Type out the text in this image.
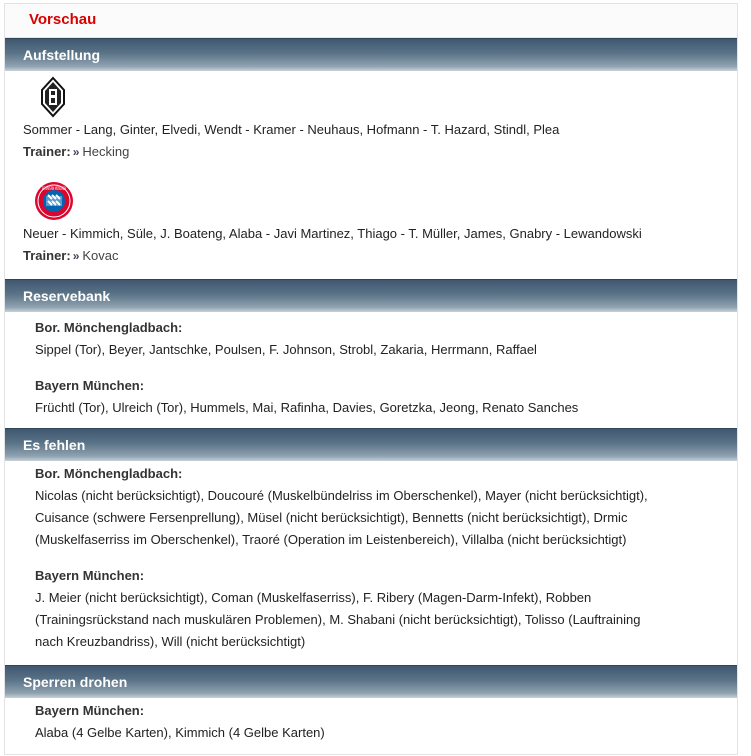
Vorschau
Aufstellung
Sommer - Lang, Ginter, Elvedi, Wendt - Kramer - Neuhaus, Hofmann - T. Hazard, Stindl, Plea
Trainer: » Hecking
FC BAYERN MÜNCHEN
Neuer - Kimmich, Süle, J. Boateng, Alaba - Javi Martinez, Thiago - T. Müller, James, Gnabry - Lewandowski
Trainer: » Kovac
Reservebank
Bor. Mönchengladbach:
Sippel (Tor), Beyer, Jantschke, Poulsen, F. Johnson, Strobl, Zakaria, Herrmann, Raffael
Bayern München:
Früchtl (Tor), Ulreich (Tor), Hummels, Mai, Rafinha, Davies, Goretzka, Jeong, Renato Sanches
Es fehlen
Bor. Mönchengladbach:
Nicolas (nicht berücksichtigt), Doucouré (Muskelbündelriss im Oberschenkel), Mayer (nicht berücksichtigt),
Cuisance (schwere Fersenprellung), Müsel (nicht berücksichtigt), Bennetts (nicht berücksichtigt), Drmic
(Muskelfaserriss im Oberschenkel), Traoré (Operation im Leistenbereich), Villalba (nicht berücksichtigt)
Bayern München:
J. Meier (nicht berücksichtigt), Coman (Muskelfaserriss), F. Ribery (Magen-Darm-Infekt), Robben
(Trainingsrückstand nach muskulären Problemen), M. Shabani (nicht berücksichtigt), Tolisso (Lauftraining
nach Kreuzbandriss), Will (nicht berücksichtigt)
Sperren drohen
Bayern München:
Alaba (4 Gelbe Karten), Kimmich (4 Gelbe Karten)
